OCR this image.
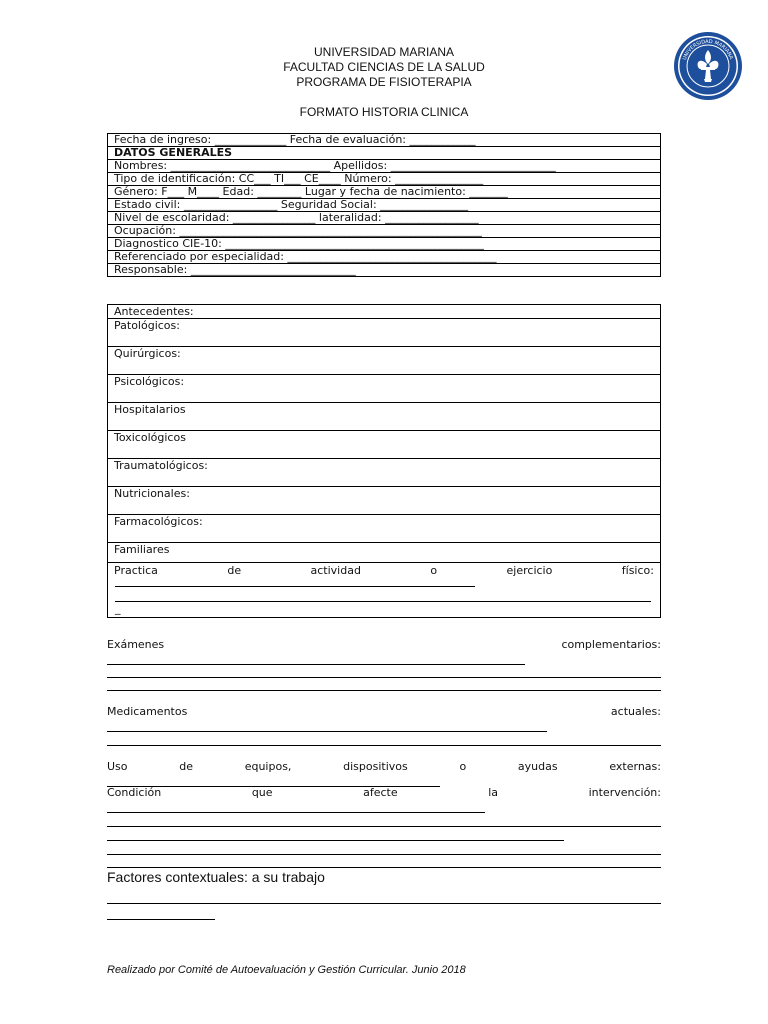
UNIVERSIDAD MARIANA
FACULTAD CIENCIAS DE LA SALUD
PROGRAMA DE FISIOTERAPIA
FORMATO HISTORIA CLINICA
UNIVERSIDAD MARIANA
Fecha de ingreso: _____________ Fecha de evaluación: ____________
DATOS GENERALES
Nombres: _____________________________ Apellidos: ______________________________
Tipo de identificación: CC___ TI___ CE____ Número: ________________
Género: F___ M____ Edad: ________ Lugar y fecha de nacimiento: _______
Estado civil: _________________ Seguridad Social: ________________
Nivel de escolaridad: _______________ lateralidad: _________________
Ocupación: _______________________________________________________
Diagnostico CIE-10: _______________________________________________
Referenciado por especialidad: ______________________________________
Responsable: ______________________________
Antecedentes:
Patológicos:
Quirúrgicos:
Psicológicos:
Hospitalarios
Toxicológicos
Traumatológicos:
Nutricionales:
Farmacológicos:
Familiares

Practica	de	actividad	o	ejercicio	físico:
_
Exámenes	complementarios:
Medicamentos	actuales:
Uso	de	equipos,	dispositivos	o	ayudas	externas:
Condición	que	afecte	la	intervención:
Factores contextuales: a su trabajo
Realizado por Comité de Autoevaluación y Gestión Curricular. Junio 2018
